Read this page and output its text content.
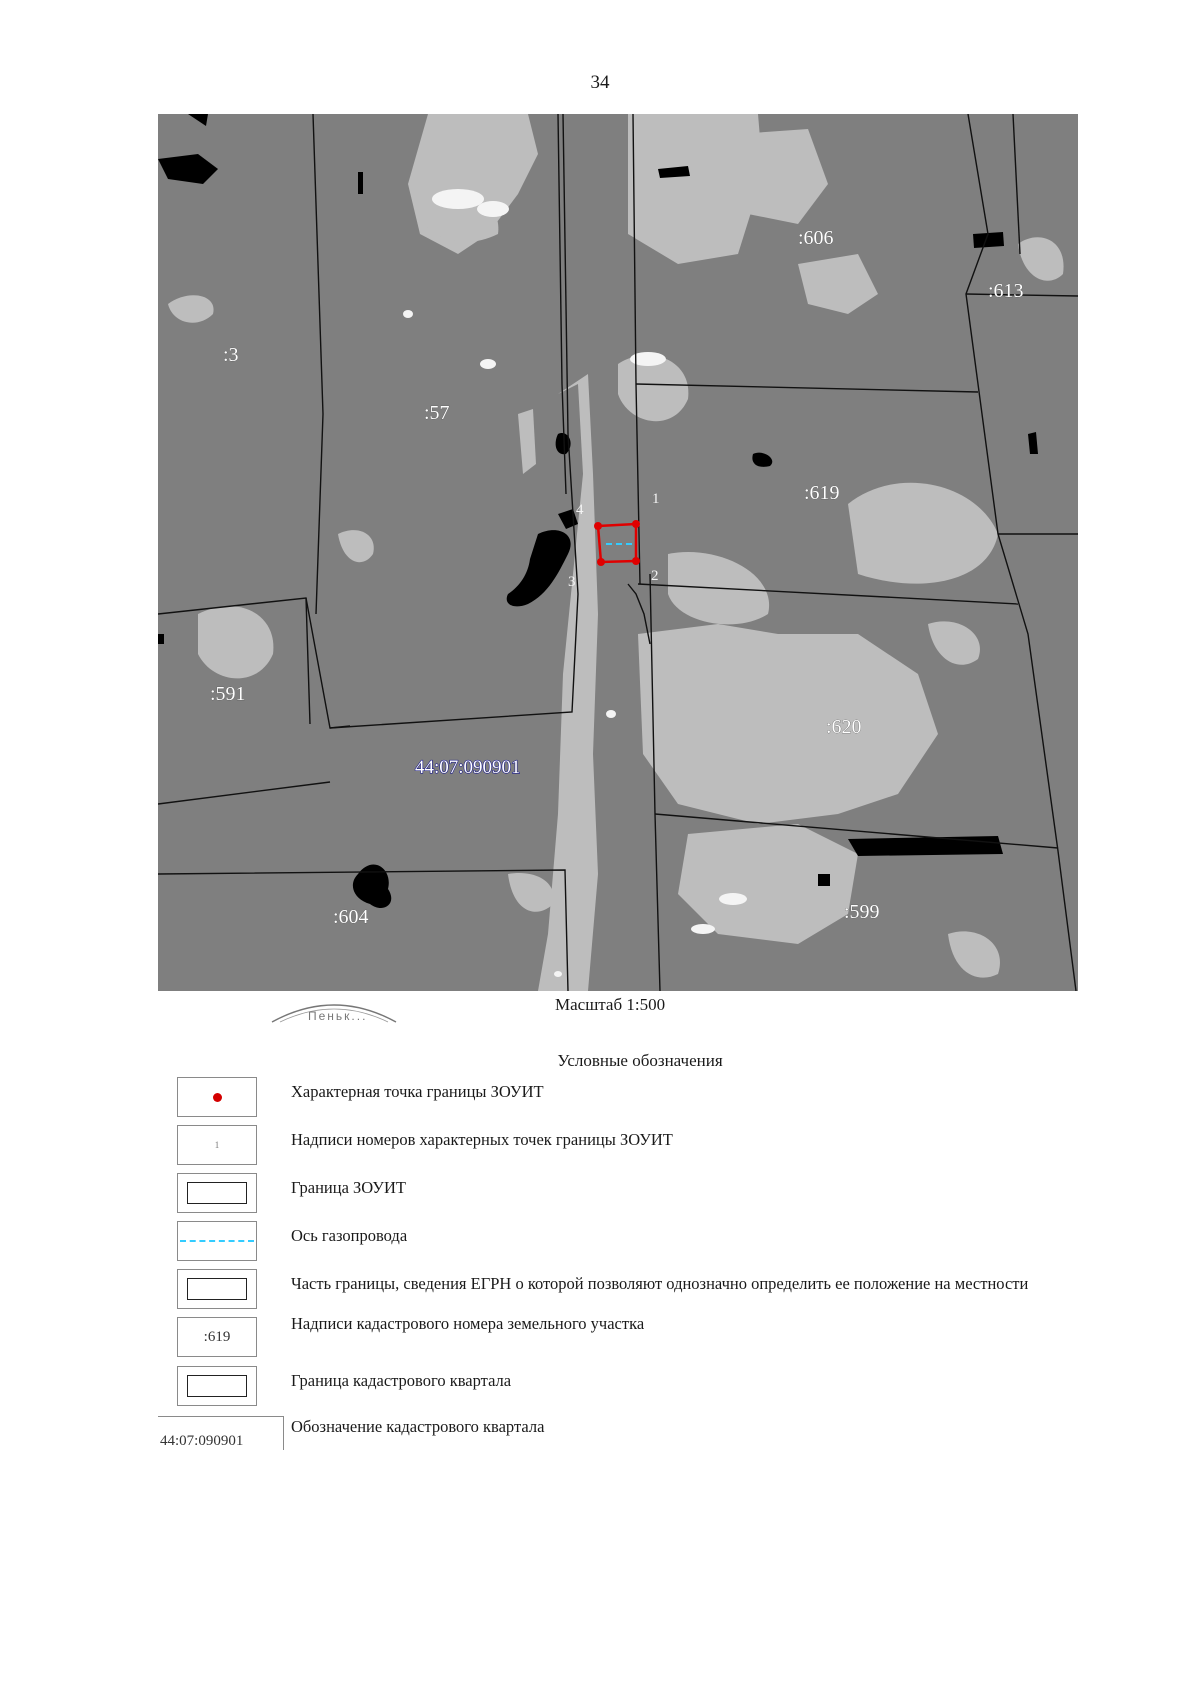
34
1
2
3
4
:3
:57
:606
:613
:619
:591
:620
:604	:599
44:07:090901
Пеньк...
Масштаб 1:500
Условные обозначения
Характерная точка границы ЗОУИТ
1	Надписи номеров характерных точек границы ЗОУИТ
Граница ЗОУИТ
Ось газопровода
Часть границы, сведения ЕГРН о которой позволяют однозначно определить ее положение на местности
:619
Надписи кадастрового номера земельного участка
Граница кадастрового квартала
44:07:090901
Обозначение кадастрового квартала
